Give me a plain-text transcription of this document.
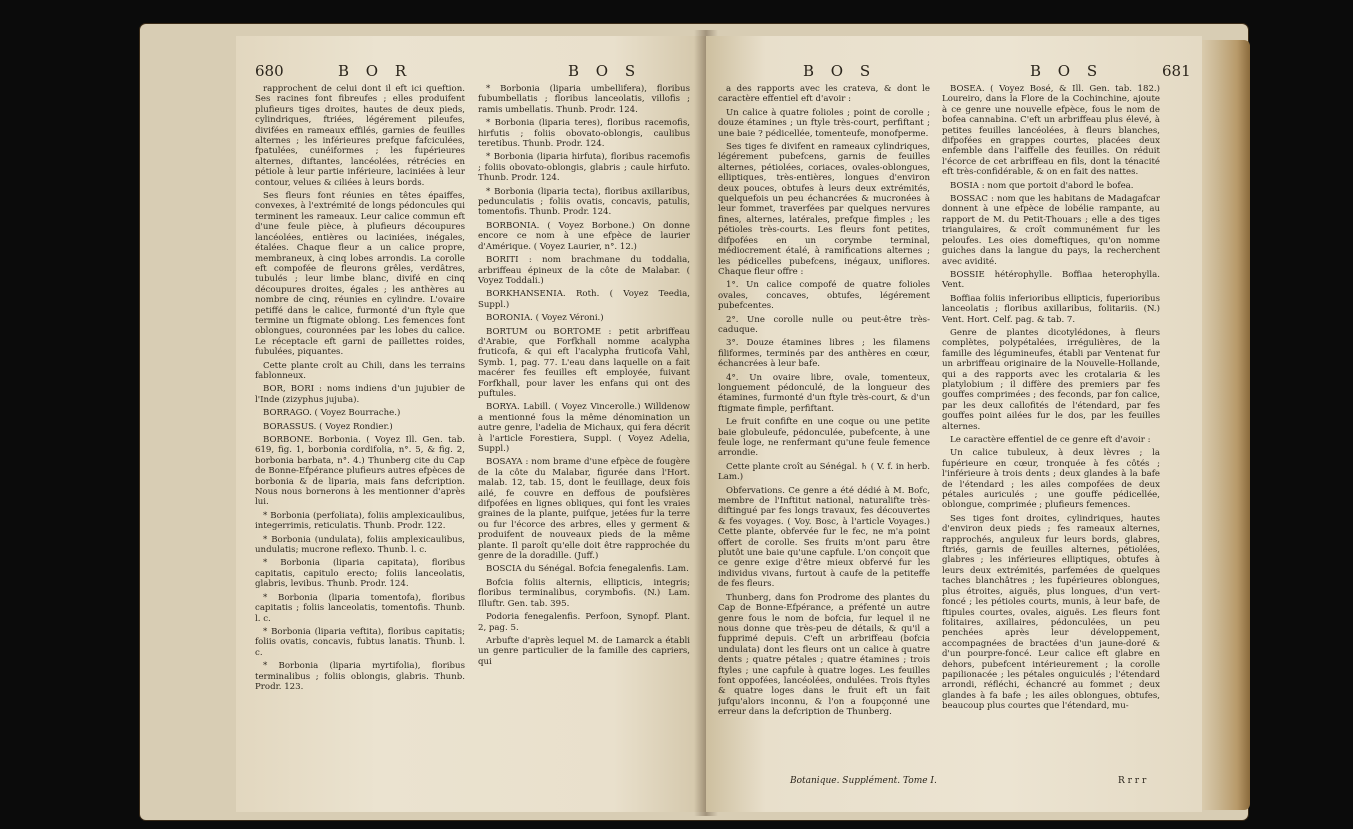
680	B O R	B O S

rapprochent de celui dont il eft ici queftion. Ses racines font fibreufes ; elles produifent plufieurs tiges droites, hautes de deux pieds, cylindriques, ftriées, légérement pileufes, divifées en rameaux effilés, garnies de feuilles alternes ; les inférieures prefque fafciculées, fpatulées, cunéiformes ; les fupérieures alternes, diftantes, lancéolées, rétrécies en pétiole à leur partie inférieure, laciniées à leur contour, velues & ciliées à leurs bords.

Ses fleurs font réunies en têtes épaiffes, convexes, à l'extrémité de longs pédoncules qui terminent les rameaux. Leur calice commun eft d'une feule pièce, à plufieurs découpures lancéolées, entières ou laciniées, inégales, étalées. Chaque fleur a un calice propre, membraneux, à cinq lobes arrondis. La corolle eft compofée de fleurons grêles, verdâtres, tubulés ; leur limbe blanc, divifé en cinq découpures droites, égales ; les anthères au nombre de cinq, réunies en cylindre. L'ovaire petiffé dans le calice, furmonté d'un ftyle que termine un ftigmate oblong. Les femences font oblongues, couronnées par les lobes du calice. Le réceptacle eft garni de paillettes roides, fubulées, piquantes.

Cette plante croît au Chili, dans les terrains fablonneux.

BOR, BORI : noms indiens d'un jujubier de l'Inde (zizyphus jujuba).

BORRAGO. ( Voyez Bourrache.)

BORASSUS. ( Voyez Rondier.)

BORBONE. Borbonia. ( Voyez Ill. Gen. tab. 619, fig. 1, borbonia cordifolia, n°. 5, & fig. 2, borbonia barbata, n°. 4.) Thunberg cite du Cap de Bonne-Efpérance plufieurs autres efpèces de borbonia & de liparia, mais fans defcription. Nous nous bornerons à les mentionner d'après lui.

* Borbonia (perfoliata), foliis amplexicaulibus, integerrimis, reticulatis. Thunb. Prodr. 122.

* Borbonia (undulata), foliis amplexicaulibus, undulatis; mucrone reflexo. Thunb. l. c.

* Borbonia (liparia capitata), floribus capitatis, capitulo erecto; foliis lanceolatis, glabris, levibus. Thunb. Prodr. 124.

* Borbonia (liparia tomentofa), floribus capitatis ; foliis lanceolatis, tomentofis. Thunb. l. c.

* Borbonia (liparia veftita), floribus capitatis; foliis ovatis, concavis, fubtus lanatis. Thunb. l. c.

* Borbonia (liparia myrtifolia), floribus terminalibus ; foliis oblongis, glabris. Thunb. Prodr. 123.

* Borbonia (liparia umbellifera), floribus fubumbellatis ; floribus lanceolatis, villofis ; ramis umbellatis. Thunb. Prodr. 124.

* Borbonia (liparia teres), floribus racemofis, hirfutis ; foliis obovato-oblongis, caulibus teretibus. Thunb. Prodr. 124.

* Borbonia (liparia hirfuta), floribus racemofis ; foliis obovato-oblongis, glabris ; caule hirfuto. Thunb. Prodr. 124.

* Borbonia (liparia tecta), floribus axillaribus, pedunculatis ; foliis ovatis, concavis, patulis, tomentofis. Thunb. Prodr. 124.

BORBONIA. ( Voyez Borbone.) On donne encore ce nom à une efpèce de laurier d'Amérique. ( Voyez Laurier, n°. 12.)

BORITI : nom brachmane du toddalia, arbriffeau épineux de la côte de Malabar. ( Voyez Toddali.)

BORKHANSENIA. Roth. ( Voyez Teedia, Suppl.)

BORONIA. ( Voyez Véroni.)

BORTUM ou BORTOME : petit arbriffeau d'Arabie, que Forfkhall nomme acalypha fruticofa, & qui eft l'acalypha fruticofa Vahl, Symb. 1, pag. 77. L'eau dans laquelle on a fait macérer fes feuilles eft employée, fuivant Forfkhall, pour laver les enfans qui ont des puftules.

BORYA. Labill. ( Voyez Vincerolle.) Willdenow a mentionné fous la même dénomination un autre genre, l'adelia de Michaux, qui fera décrit à l'article Forestiera, Suppl. ( Voyez Adelia, Suppl.)

BOSAYA : nom brame d'une efpèce de fougère de la côte du Malabar, figurée dans l'Hort. malab. 12, tab. 15, dont le feuillage, deux fois ailé, fe couvre en deffous de poufsières difpofées en lignes obliques, qui font les vraies graines de la plante, puifque, jetées fur la terre ou fur l'écorce des arbres, elles y germent & produifent de nouveaux pieds de la même plante. Il paroît qu'elle doit être rapprochée du genre de la doradille. (Juff.)

BOSCIA du Sénégal. Bofcia fenegalenfis. Lam.

Bofcia foliis alternis, ellipticis, integris; floribus terminalibus, corymbofis. (N.) Lam. Illuftr. Gen. tab. 395.

Podoria fenegalenfis. Perfoon, Synopf. Plant. 2, pag. 5.

Arbufte d'après lequel M. de Lamarck a établi un genre particulier de la famille des capriers, qui

B O S	B O S	681

a des rapports avec les crateva, & dont le caractère effentiel eft d'avoir :

Un calice à quatre folioles ; point de corolle ; douze étamines ; un ftyle très-court, perfiftant ; une baie ? pédicellée, tomenteufe, monofperme.

Ses tiges fe divifent en rameaux cylindriques, légérement pubefcens, garnis de feuilles alternes, pétiolées, coriaces, ovales-oblongues, elliptiques, très-entières, longues d'environ deux pouces, obtufes à leurs deux extrémités, quelquefois un peu échancrées & mucronées à leur fommet, traverfées par quelques nervures fines, alternes, latérales, prefque fimples ; les pétioles très-courts. Les fleurs font petites, difpofées en un corymbe terminal, médiocrement étalé, à ramifications alternes ; les pédicelles pubefcens, inégaux, uniflores. Chaque fleur offre :

1°. Un calice compofé de quatre folioles ovales, concaves, obtufes, légérement pubefcentes.

2°. Une corolle nulle ou peut-être très-caduque.

3°. Douze étamines libres ; les filamens filiformes, terminés par des anthères en cœur, échancrées à leur bafe.

4°. Un ovaire libre, ovale, tomenteux, longuement pédonculé, de la longueur des étamines, furmonté d'un ftyle très-court, & d'un ftigmate fimple, perfiftant.

Le fruit confifte en une coque ou une petite baie globuleufe, pédonculée, pubefcente, à une feule loge, ne renfermant qu'une feule femence arrondie.

Cette plante croît au Sénégal. ♄ ( V. f. in herb. Lam.)

Obfervations. Ce genre a été dédié à M. Bofc, membre de l'Inftitut national, naturalifte très-diftingué par fes longs travaux, fes découvertes & fes voyages. ( Voy. Bosc, à l'article Voyages.) Cette plante, obfervée fur le fec, ne m'a point offert de corolle. Ses fruits m'ont paru être plutôt une baie qu'une capfule. L'on conçoit que ce genre exige d'être mieux obfervé fur les individus vivans, furtout à caufe de la petiteffe de fes fleurs.

Thunberg, dans fon Prodrome des plantes du Cap de Bonne-Efpérance, a préfenté un autre genre fous le nom de bofcia, fur lequel il ne nous donne que très-peu de détails, & qu'il a fupprimé depuis. C'eft un arbriffeau (bofcia undulata) dont les fleurs ont un calice à quatre dents ; quatre pétales ; quatre étamines ; trois ftyles ; une capfule à quatre loges. Les feuilles font oppofées, lancéolées, ondulées. Trois ftyles & quatre loges dans le fruit eft un fait jufqu'alors inconnu, & l'on a foupçonné une erreur dans la defcription de Thunberg.

BOSEA. ( Voyez Bosé, & Ill. Gen. tab. 182.) Loureiro, dans la Flore de la Cochinchine, ajoute à ce genre une nouvelle efpèce, fous le nom de bofea cannabina. C'eft un arbriffeau plus élevé, à petites feuilles lancéolées, à fleurs blanches, difpofées en grappes courtes, placées deux enfemble dans l'aiffelle des feuilles. On réduit l'écorce de cet arbriffeau en fils, dont la ténacité eft très-confidérable, & on en fait des nattes.

BOSIA : nom que portoit d'abord le bofea.

BOSSAC : nom que les habitans de Madagafcar donnent à une efpèce de lobélie rampante, au rapport de M. du Petit-Thouars ; elle a des tiges triangulaires, & croît communément fur les peloufes. Les oies domeftiques, qu'on nomme guiches dans la langue du pays, la recherchent avec avidité.

BOSSIE hétérophylle. Boffiaa heterophylla. Vent.

Boffiaa foliis inferioribus ellipticis, fuperioribus lanceolatis ; floribus axillaribus, folitariis. (N.) Vent. Hort. Celf. pag. & tab. 7.

Genre de plantes dicotylédones, à fleurs complètes, polypétalées, irrégulières, de la famille des légumineufes, établi par Ventenat fur un arbriffeau originaire de la Nouvelle-Hollande, qui a des rapports avec les crotalaria & les platylobium ; il diffère des premiers par fes gouffes comprimées ; des feconds, par fon calice, par les deux callofités de l'étendard, par fes gouffes point ailées fur le dos, par les feuilles alternes.

Le caractère effentiel de ce genre eft d'avoir :

Un calice tubuleux, à deux lèvres ; la fupérieure en cœur, tronquée à fes côtés ; l'inférieure à trois dents ; deux glandes à la bafe de l'étendard ; les ailes compofées de deux pétales auriculés ; une gouffe pédicellée, oblongue, comprimée ; plufieurs femences.

Ses tiges font droites, cylindriques, hautes d'environ deux pieds ; fes rameaux alternes, rapprochés, anguleux fur leurs bords, glabres, ftriés, garnis de feuilles alternes, pétiolées, glabres ; les inférieures elliptiques, obtufes à leurs deux extrémités, parfemées de quelques taches blanchâtres ; les fupérieures oblongues, plus étroites, aiguës, plus longues, d'un vert-foncé ; les pétioles courts, munis, à leur bafe, de ftipules courtes, ovales, aiguës. Les fleurs font folitaires, axillaires, pédonculées, un peu penchées après leur développement, accompagnées de bractées d'un jaune-doré & d'un pourpre-foncé. Leur calice eft glabre en dehors, pubefcent intérieurement ; la corolle papilionacée ; les pétales onguiculés ; l'étendard arrondi, réfléchi, échancré au fommet ; deux glandes à fa bafe ; les ailes oblongues, obtufes, beaucoup plus courtes que l'étendard, mu-

Botanique. Supplément. Tome I.	R r r r
